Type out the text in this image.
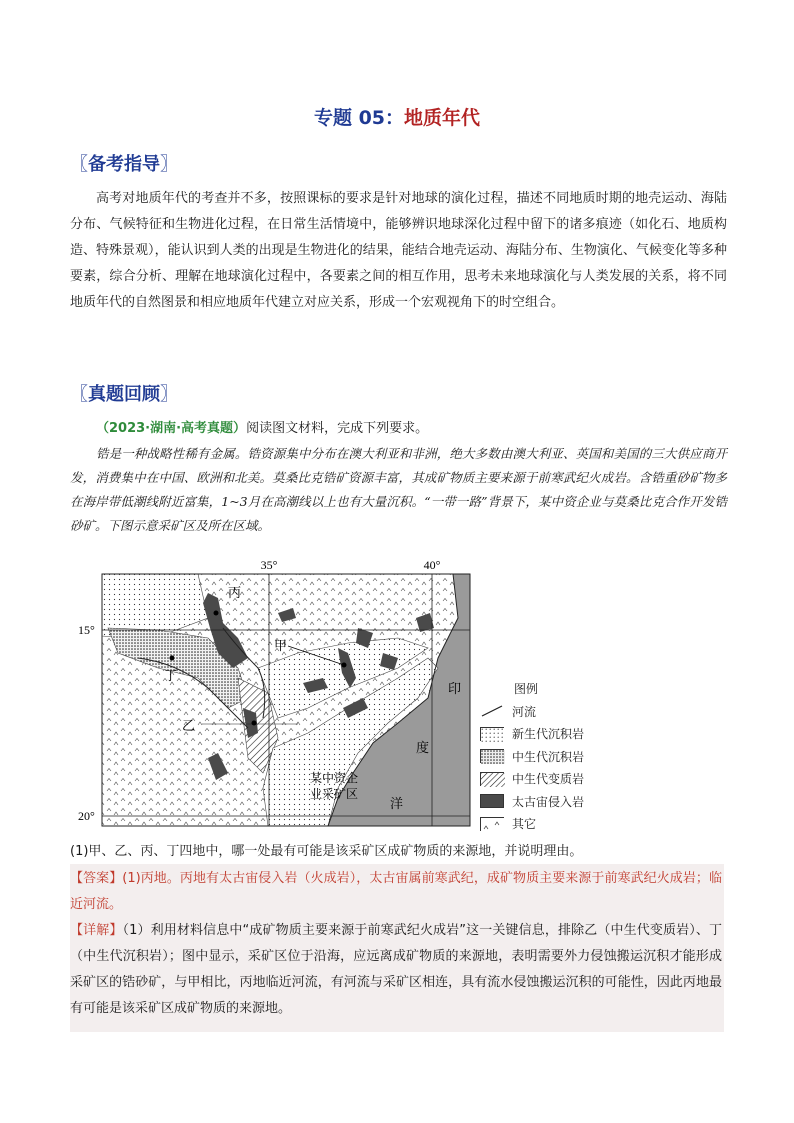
专题 05：地质年代
〖备考指导〗

高考对地质年代的考查并不多，按照课标的要求是针对地球的演化过程，描述不同地质时期的地壳运动、海陆分布、气候特征和生物进化过程，在日常生活情境中，能够辨识地球深化过程中留下的诸多痕迹（如化石、地质构造、特殊景观），能认识到人类的出现是生物进化的结果，能结合地壳运动、海陆分布、生物演化、气候变化等多种要素，综合分析、理解在地球演化过程中，各要素之间的相互作用，思考未来地球演化与人类发展的关系，将不同地质年代的自然图景和相应地质年代建立对应关系，形成一个宏观视角下的时空组合。

〖真题回顾〗
（2023·湖南·高考真题）阅读图文材料，完成下列要求。

锆是一种战略性稀有金属。锆资源集中分布在澳大利亚和非洲，绝大多数由澳大利亚、英国和美国的三大供应商开发，消费集中在中国、欧洲和北美。莫桑比克锆矿资源丰富，其成矿物质主要来源于前寒武纪火成岩。含锆重砂矿物多在海岸带低潮线附近富集，1~3月在高潮线以上也有大量沉积。“一带一路”背景下，某中资企业与莫桑比克合作开发锆砂矿。下图示意采矿区及所在区域。

35°	40°
15°
20°
丙
甲
丁
乙
印
度
洋
某中资企
业采矿区
图例
河流
新生代沉积岩
中生代沉积岩
中生代变质岩
太古宙侵入岩
其它
(1)甲、乙、丙、丁四地中，哪一处最有可能是该采矿区成矿物质的来源地，并说明理由。

【答案】(1)丙地。丙地有太古宙侵入岩（火成岩），太古宙属前寒武纪，成矿物质主要来源于前寒武纪火成岩；临近河流。

【详解】（1）利用材料信息中“成矿物质主要来源于前寒武纪火成岩”这一关键信息，排除乙（中生代变质岩）、丁（中生代沉积岩）；图中显示，采矿区位于沿海，应远离成矿物质的来源地，表明需要外力侵蚀搬运沉积才能形成采矿区的锆砂矿，与甲相比，丙地临近河流，有河流与采矿区相连，具有流水侵蚀搬运沉积的可能性，因此丙地最有可能是该采矿区成矿物质的来源地。
